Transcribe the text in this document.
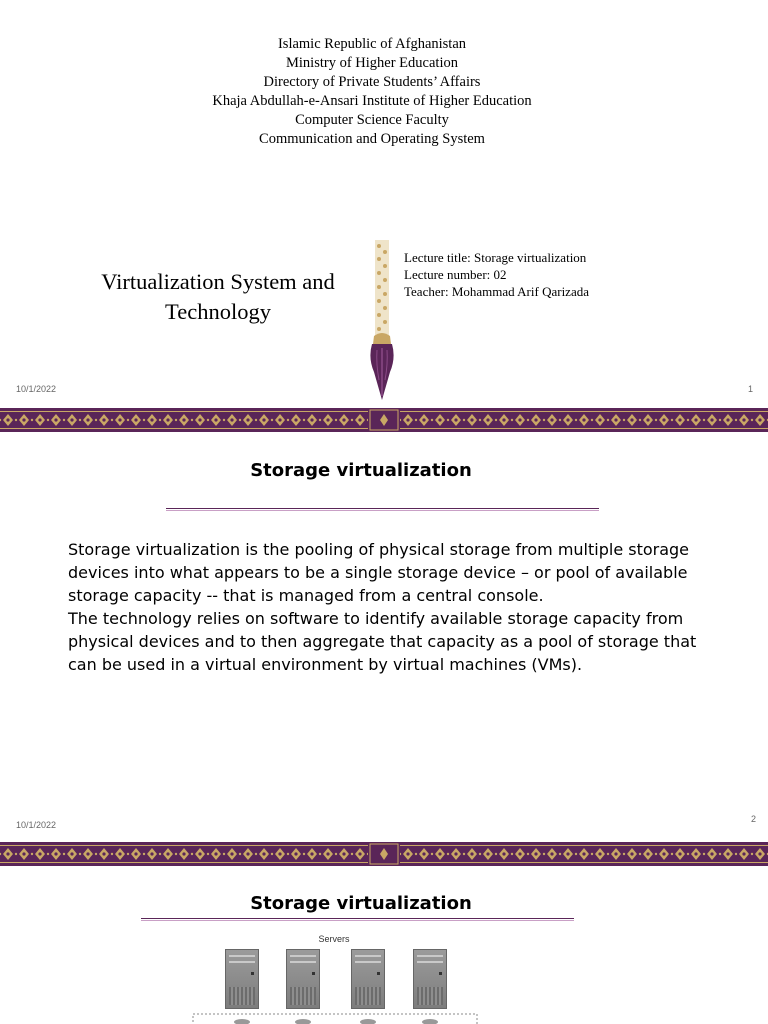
Islamic Republic of Afghanistan
Ministry of Higher Education
Directory of Private Students’ Affairs
Khaja Abdullah-e-Ansari Institute of Higher Education
Computer Science Faculty
Communication and Operating System
Virtualization System and
Technology
Lecture title: Storage virtualization
Lecture number: 02
Teacher: Mohammad Arif Qarizada
10/1/2022	1
Storage virtualization

Storage virtualization is the pooling of physical storage from multiple storage devices into what appears to be a single storage device – or pool of available storage capacity -- that is managed from a central console.

The technology relies on software to identify available storage capacity from physical devices and to then aggregate that capacity as a pool of storage that can be used in a virtual environment by virtual machines (VMs).

10/1/2022
2
Storage virtualization
Servers
